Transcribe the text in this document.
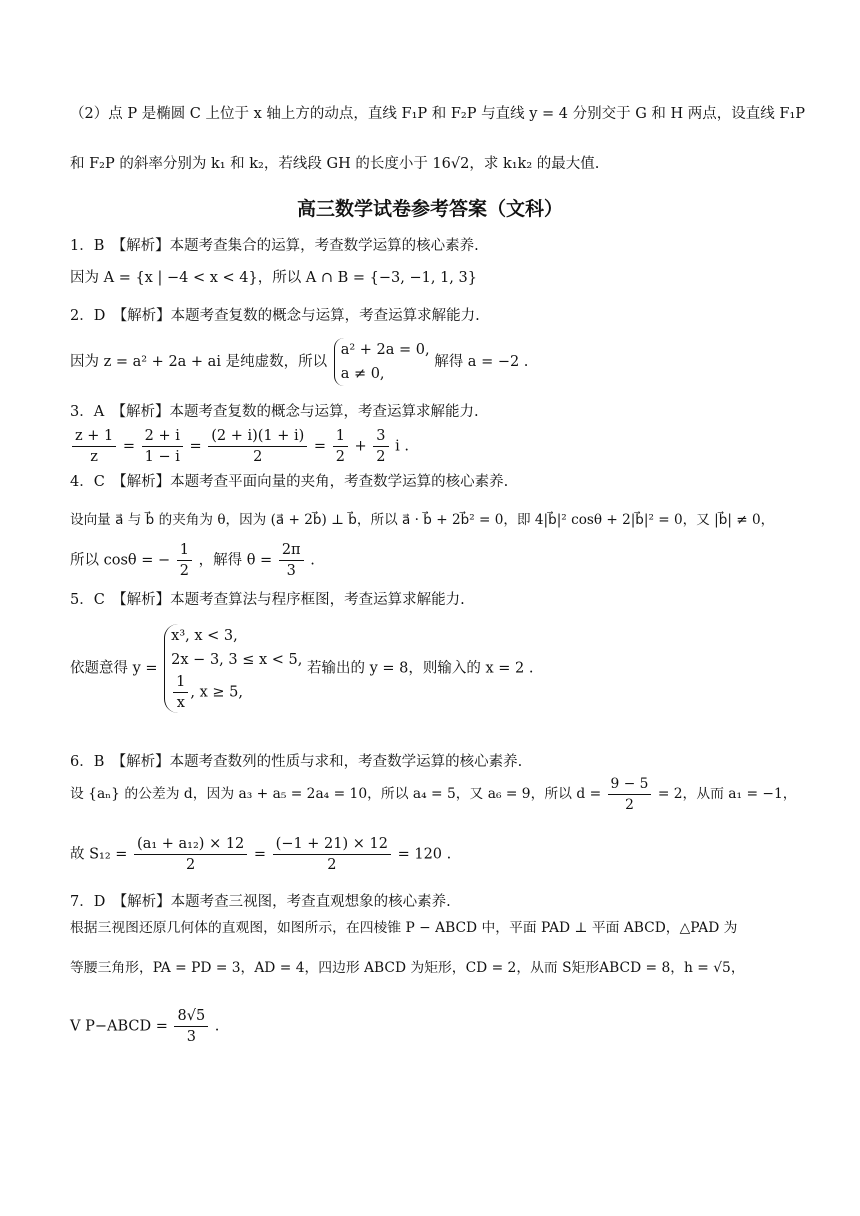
（2）点 P 是椭圆 C 上位于 x 轴上方的动点，直线 F₁P 和 F₂P 与直线 y = 4 分别交于 G 和 H 两点，设直线 F₁P
和 F₂P 的斜率分别为 k₁ 和 k₂，若线段 GH 的长度小于 16√2，求 k₁k₂ 的最大值.
高三数学试卷参考答案（文科）
1．B　【解析】本题考查集合的运算，考查数学运算的核心素养.
因为 A = {x | −4 < x < 4}，所以 A ∩ B = {−3, −1, 1, 3}
2．D　【解析】本题考查复数的概念与运算，考查运算求解能力.
因为 z = a² + 2a + ai 是纯虚数，所以
a² + 2a = 0,
a ≠ 0,
解得 a = −2 .
3．A　【解析】本题考查复数的概念与运算，考查运算求解能力.
$\frac{z + 1}{z} = \frac{2 + i}{1 - i} = \frac{(2 + i)(1 + i)}{2} = \frac{1}{2} + \frac{3}{2}$ i .
4．C　【解析】本题考查平面向量的夹角，考查数学运算的核心素养.
设向量 a⃗ 与 b⃗ 的夹角为 θ，因为 (a⃗ + 2b⃗) ⊥ b⃗，所以 a⃗ · b⃗ + 2b⃗² = 0，即 4|b⃗|² cosθ + 2|b⃗|² = 0，又 |b⃗| ≠ 0，
所以 cosθ = − $\frac{1}{2}$ ，解得 $\theta = \frac{2\pi}{3}$ .
5．C　【解析】本题考查算法与程序框图，考查运算求解能力.
依题意得 y =
x³, x < 3,
2x − 3, 3 ≤ x < 5,
$\frac{1}{x}$ , x ≥ 5,
若输出的 y = 8，则输入的 x = 2 .
6．B　【解析】本题考查数列的性质与求和，考查数学运算的核心素养.
设 {aₙ} 的公差为 d，因为 a₃ + a₅ = 2a₄ = 10，所以 a₄ = 5，又 a₆ = 9，所以 $d = \frac{9 - 5}{2} = 2$，从而 a₁ = −1，
故 $S_{12} = \frac{\text{(a₁ + a₁₂) × 12}}{2} = \frac{(-1 + 21) \times 12}{2} = 120$ .
7．D　【解析】本题考查三视图，考查直观想象的核心素养.
根据三视图还原几何体的直观图，如图所示，在四棱锥 P − ABCD 中，平面 PAD ⊥ 平面 ABCD，△PAD 为
等腰三角形，PA = PD = 3，AD = 4，四边形 ABCD 为矩形，CD = 2，从而 S矩形ABCD = 8，h = √5，
V P−ABCD = $\frac{8√5}{3}$ .
